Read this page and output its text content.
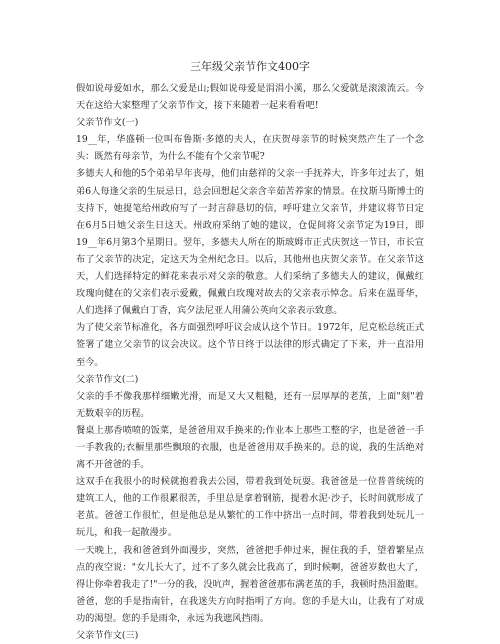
三年级父亲节作文400字

假如说母爱如水，那么父爱是山;假如说母爱是涓涓小溪，那么父爱就是滚滚流云。今天在这给大家整理了父亲节作文，接下来随着一起来看看吧!

父亲节作文(一)

19__年，华盛顿一位叫布鲁斯·多德的夫人，在庆贺母亲节的时候突然产生了一个念头：既然有母亲节，为什么不能有个父亲节呢?

多德夫人和他的5个弟弟早年丧母，他们由慈祥的父亲一手抚养大，许多年过去了，姐弟6人每逢父亲的生辰忌日，总会回想起父亲含辛茹苦养家的情景。在抆斯马斯博士的支持下，她提笔给州政府写了一封言辞恳切的信，呼吁建立父亲节，并建议将节日定在6月5日她父亲生日这天。州政府采纳了她的建议，仓促间将父亲节定为19日，即19__年6月第3个星期日。翌年，多德夫人所在的斯玻姆市正式庆贺这一节日，市长宣布了父亲节的决定，定这天为全州纪念日。以后，其他州也庆贺父亲节。在父亲节这天，人们选择特定的鲜花来表示对父亲的敬意。人们采纳了多德夫人的建议，佩戴红玫瑰向健在的父亲们表示爱戴，佩戴白玫瑰对故去的父亲表示悼念。后来在温哥华，人们选择了佩戴白丁香，宾夕法尼亚人用蒲公英向父亲表示致意。

为了使父亲节标准化，各方面强烈呼吁议会成认这个节日。1972年，尼克松总统正式签署了建立父亲节的议会决议。这个节日终于以法律的形式确定了下来，并一直沿用至今。

父亲节作文(二)

父亲的手不像我那样细嫩光滑，而是又大又粗糙，还有一层厚厚的老茧，上面"刻"着无数艰辛的历程。

餐桌上那香喷喷的饭菜，是爸爸用双手换来的;作业本上那些工整的字，也是爸爸一手一手教我的;衣橱里那些飘琅的衣服，也是爸爸用双手换来的。总的说，我的生活绝对离不开爸爸的手。

这双手在我很小的时候就抱着我去公园，带着我到处玩耍。我爸爸是一位普普统统的建筑工人，他的工作很累很苦，手里总是拿着钢筋，提着水泥·沙子，长时间就形成了老茧。爸爸工作很忙，但是他总是从繁忙的工作中挤出一点时间，带着我到处玩儿一玩儿，和我一起散漫步。

一天晚上，我和爸爸到外面漫步，突然，爸爸把手伸过来，握住我的手，望着繁星点点的夜空说："女儿长大了，过不了多久就会比我高了，到时候啊，爸爸岁数也大了，得让你牵着我走了!"一分的我，没吭声，握着爸爸那布满老茧的手，我顿时热泪盈眶。

爸爸，您的手是指南针，在我迷失方向时指明了方向。您的手是大山，让我有了对成功的渴望。您的手是雨伞，永远为我遮风挡雨。

父亲节作文(三)
